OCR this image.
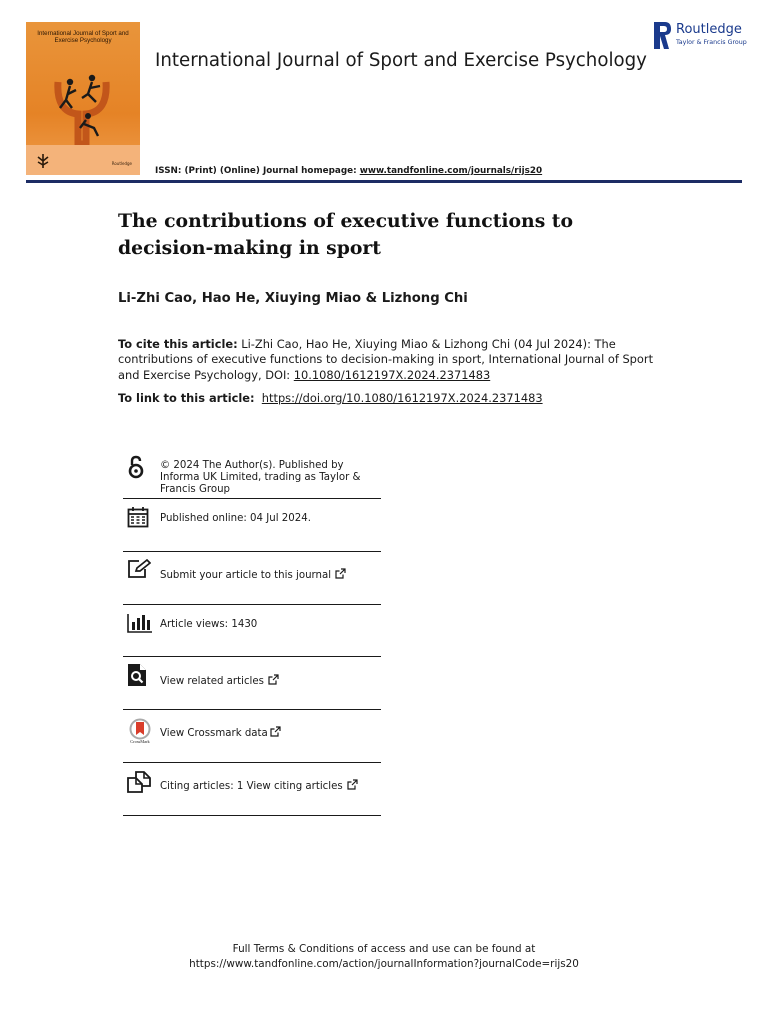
International Journal of Sport and Exercise Psychology
Routledge
International Journal of Sport and Exercise Psychology
Routledge
Taylor & Francis Group
ISSN: (Print) (Online) Journal homepage: www.tandfonline.com/journals/rijs20
The contributions of executive functions to decision-making in sport
Li-Zhi Cao, Hao He, Xiuying Miao & Lizhong Chi
To cite this article: Li-Zhi Cao, Hao He, Xiuying Miao & Lizhong Chi (04 Jul 2024): The contributions of executive functions to decision-making in sport, International Journal of Sport and Exercise Psychology, DOI: 10.1080/1612197X.2024.2371483
To link to this article: https://doi.org/10.1080/1612197X.2024.2371483
© 2024 The Author(s). Published by Informa UK Limited, trading as Taylor & Francis Group
Published online: 04 Jul 2024.
Submit your article to this journal
Article views: 1430
View related articles
CrossMark
View Crossmark data
Citing articles: 1 View citing articles
Full Terms & Conditions of access and use can be found at
https://www.tandfonline.com/action/journalInformation?journalCode=rijs20
